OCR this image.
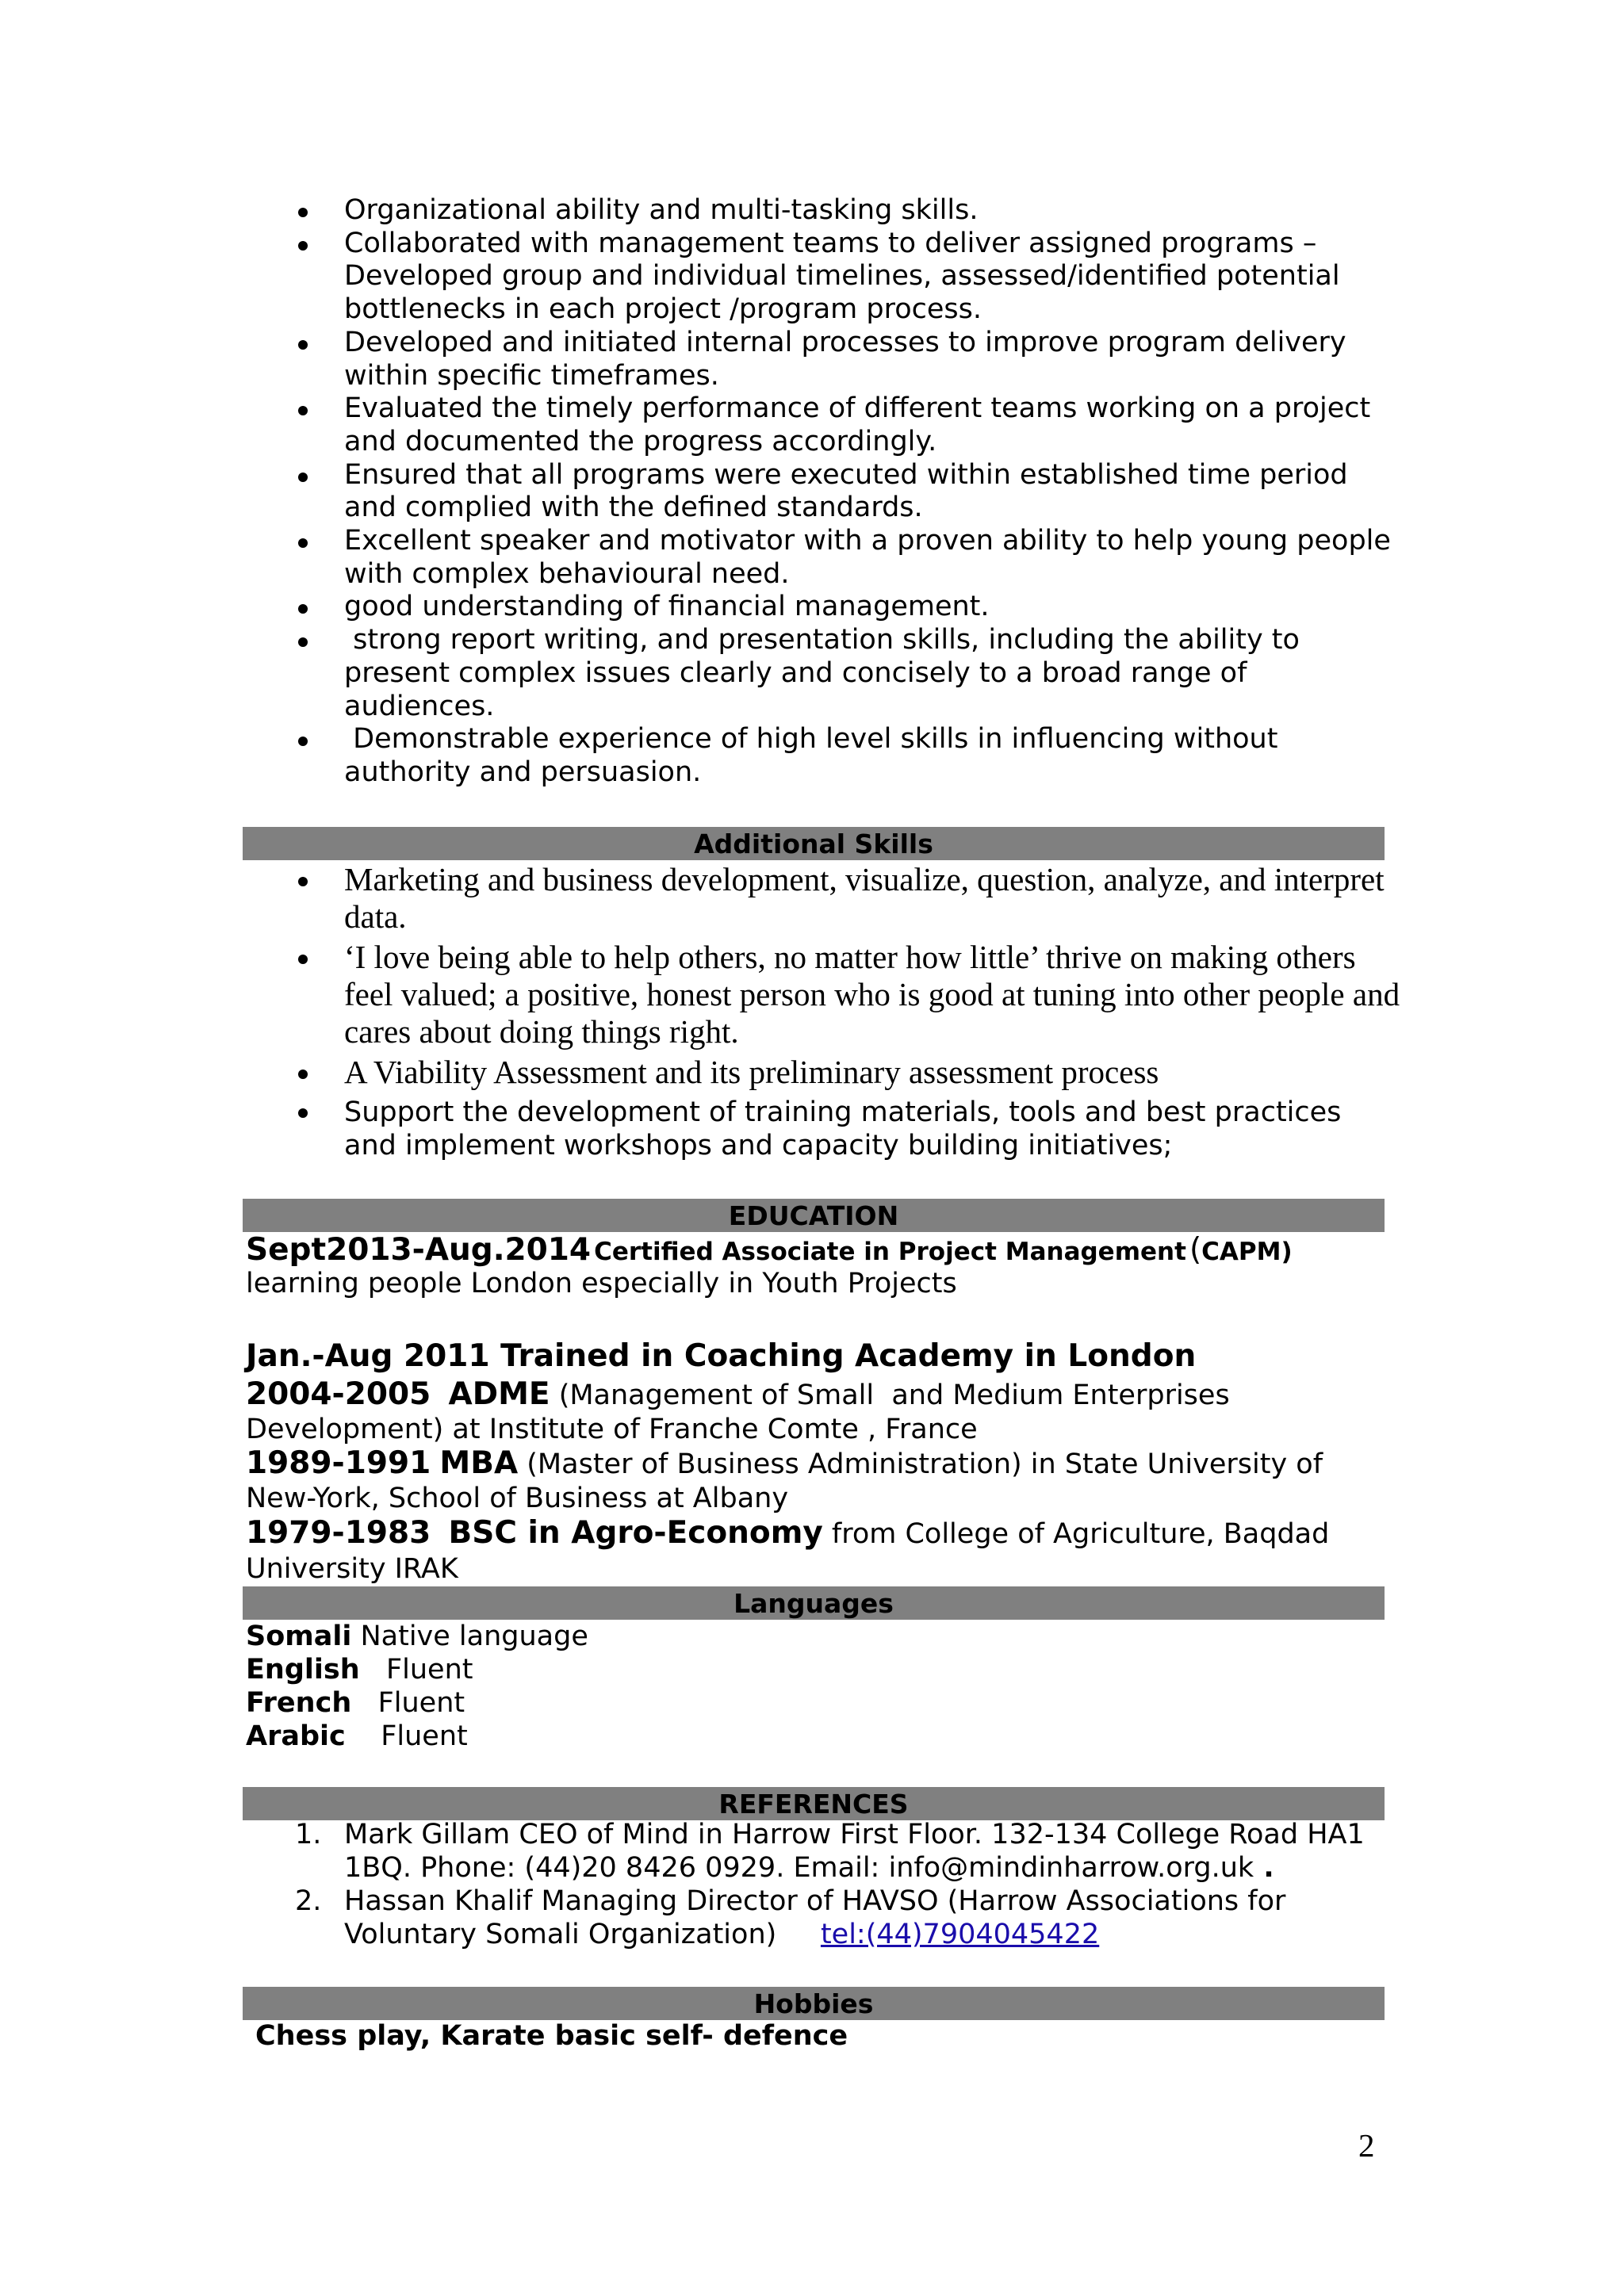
Organizational ability and multi-tasking skills.
Collaborated with management teams to deliver assigned programs – Developed group and individual timelines, assessed/identified potential bottlenecks in each project /program process.
Developed and initiated internal processes to improve program delivery within specific timeframes.
Evaluated the timely performance of different teams working on a project and documented the progress accordingly.
Ensured that all programs were executed within established time period and complied with the defined standards.
Excellent speaker and motivator with a proven ability to help young people with complex behavioural need.
good understanding of financial management.
strong report writing, and presentation skills, including the ability to present complex issues clearly and concisely to a broad range of audiences.
Demonstrable experience of high level skills in influencing without authority and persuasion.
Additional Skills
Marketing and business development, visualize, question, analyze, and interpret data.
‘I love being able to help others, no matter how little’ thrive on making others feel valued; a positive, honest person who is good at tuning into other people and cares about doing things right.
A Viability Assessment and its preliminary assessment process
Support the development of training materials, tools and best practices and implement workshops and capacity building initiatives;
EDUCATION
Sept2013-Aug.2014 Certified Associate in Project Management (CAPM)
learning people London especially in Youth Projects
Jan.-Aug 2011 Trained in Coaching Academy in London
2004-2005 ADME (Management of Small  and Medium Enterprises
Development) at Institute of Franche Comte , France
1989-1991 MBA (Master of Business Administration) in State University of
New-York, School of Business at Albany
1979-1983 BSC in Agro-Economy from College of Agriculture, Baqdad
University IRAK
Languages
Somali Native language
English   Fluent
French   Fluent
Arabic    Fluent
REFERENCES
1. Mark Gillam CEO of Mind in Harrow First Floor. 132-134 College Road HA1
1BQ. Phone: (44)20 8426 0929. Email: info@mindinharrow.org.uk .
2. Hassan Khalif Managing Director of HAVSO (Harrow Associations for
Voluntary Somali Organization) tel:(44)7904045422
Hobbies
Chess play, Karate basic self- defence
2
